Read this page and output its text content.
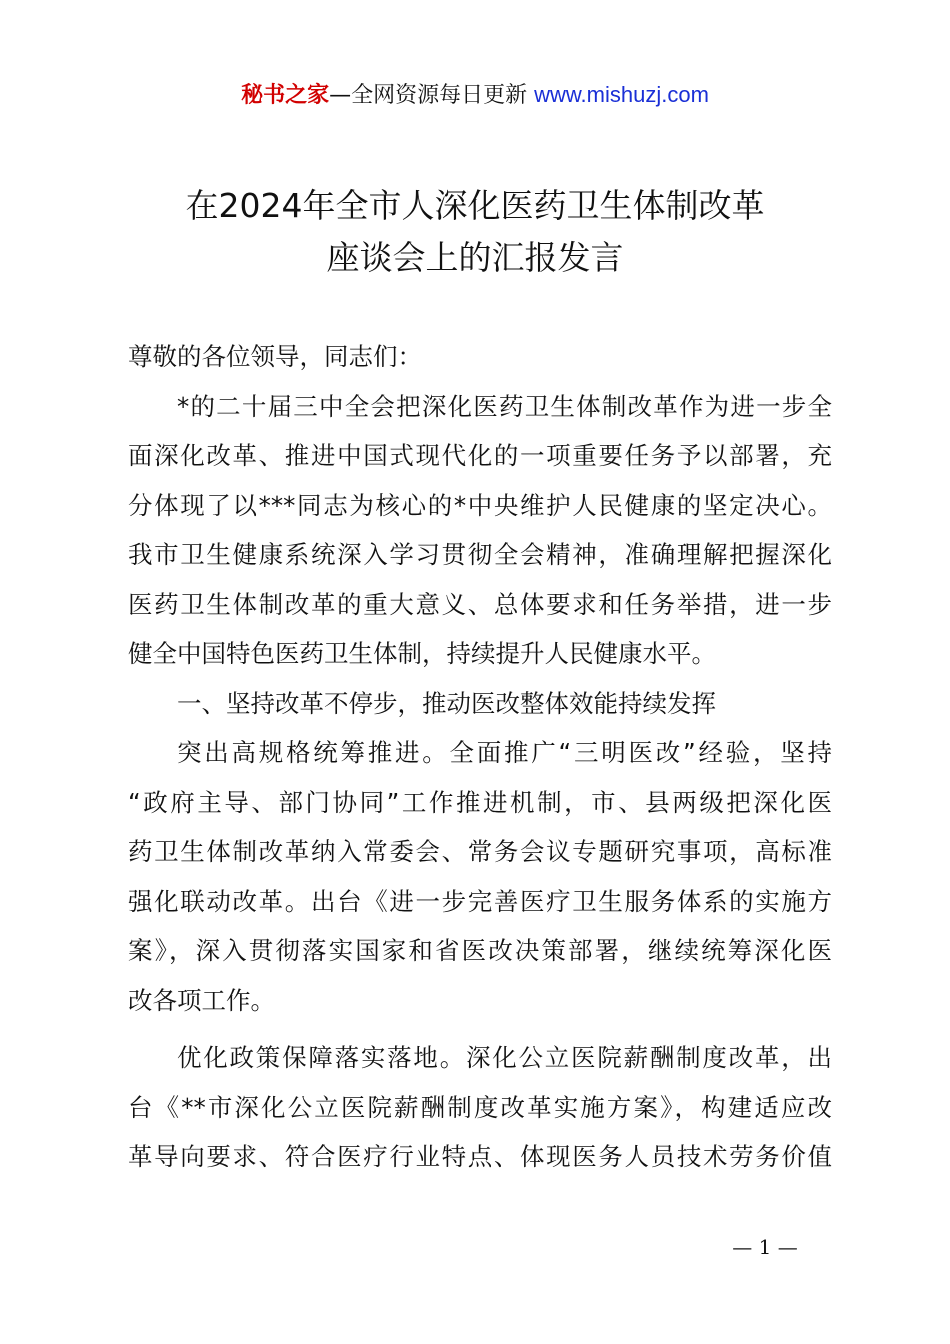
秘书之家—全网资源每日更新 www.mishuzj.com
在2024年全市人深化医药卫生体制改革
座谈会上的汇报发言
尊敬的各位领导，同志们：
*的二十届三中全会把深化医药卫生体制改革作为进一步全
面深化改革、推进中国式现代化的一项重要任务予以部署，充
分体现了以***同志为核心的*中央维护人民健康的坚定决心。
我市卫生健康系统深入学习贯彻全会精神，准确理解把握深化
医药卫生体制改革的重大意义、总体要求和任务举措，进一步
健全中国特色医药卫生体制，持续提升人民健康水平。
一、坚持改革不停步，推动医改整体效能持续发挥
突出高规格统筹推进。全面推广“三明医改”经验，坚持
“政府主导、部门协同”工作推进机制，市、县两级把深化医
药卫生体制改革纳入常委会、常务会议专题研究事项，高标准
强化联动改革。出台《进一步完善医疗卫生服务体系的实施方
案》，深入贯彻落实国家和省医改决策部署，继续统筹深化医
改各项工作。
优化政策保障落实落地。深化公立医院薪酬制度改革，出
台《**市深化公立医院薪酬制度改革实施方案》，构建适应改
革导向要求、符合医疗行业特点、体现医务人员技术劳务价值
— 1 —
